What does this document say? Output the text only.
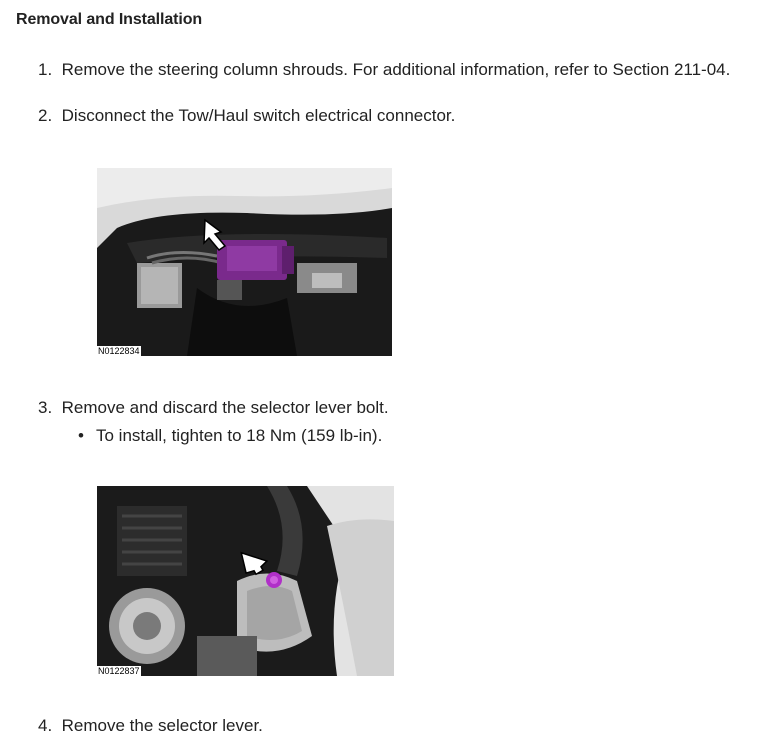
Removal and Installation
1.  Remove the steering column shrouds. For additional information, refer to Section 211-04.
2.  Disconnect the Tow/Haul switch electrical connector.
N0122834
3.  Remove and discard the selector lever bolt.
• To install, tighten to 18 Nm (159 lb-in).
N0122837
4.  Remove the selector lever.
